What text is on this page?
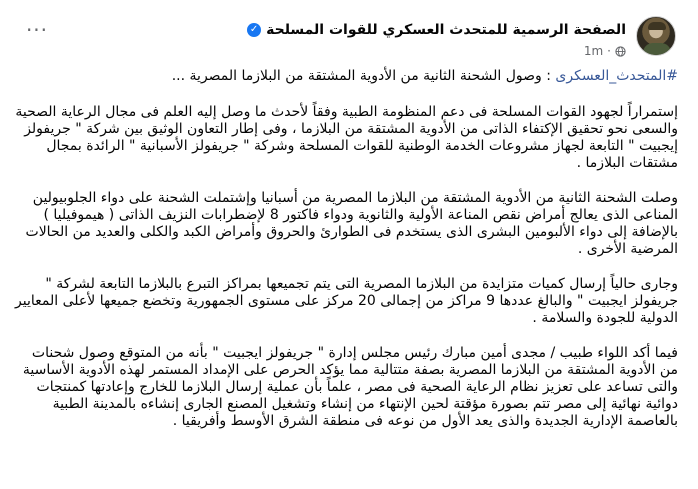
الصفحة الرسمية للمتحدث العسكري للقوات المسلحة
✓
1m ·
···

#المتحدث_العسكرى : وصول الشحنة الثانية من الأدوية المشتقة من البلازما المصرية ...

إستمراراً لجهود القوات المسلحة فى دعم المنظومة الطبية وفقاً لأحدث ما وصل إليه العلم فى مجال الرعاية الصحية والسعى نحو تحقيق الإكتفاء الذاتى من الأدوية المشتقة من البلازما ، وفى إطار التعاون الوثيق بين شركة " جريفولز إيجبيت " التابعة لجهاز مشروعات الخدمة الوطنية للقوات المسلحة وشركة " جريفولز الأسبانية " الرائدة بمجال مشتقات البلازما .

وصلت الشحنة الثانية من الأدوية المشتقة من البلازما المصرية من أسبانيا وإشتملت الشحنة على دواء الجلوبيولين المناعى الذى يعالج أمراض نقص المناعة الأولية والثانوية ودواء فاكتور 8 لإضطرابات النزيف الذاتى ( هيموفيليا ) بالإضافة إلى دواء الألبومين البشرى الذى يستخدم فى الطوارئ والحروق وأمراض الكبد والكلى والعديد من الحالات المرضية الأخرى .

وجارى حالياً إرسال كميات متزايدة من البلازما المصرية التى يتم تجميعها بمراكز التبرع بالبلازما التابعة لشركة " جريفولز ايجبيت " والبالغ عددها 9 مراكز من إجمالى 20 مركز على مستوى الجمهورية وتخضع جميعها لأعلى المعايير الدولية للجودة والسلامة .

فيما أكد اللواء طبيب / مجدى أمين مبارك رئيس مجلس إدارة " جريفولز ايجبيت " بأنه من المتوقع وصول شحنات من الأدوية المشتقة من البلازما المصرية بصفة متتالية مما يؤكد الحرص على الإمداد المستمر لهذه الأدوية الأساسية والتى تساعد على تعزيز نظام الرعاية الصحية فى مصر ، علماً بأن عملية إرسال البلازما للخارج وإعادتها كمنتجات دوائية نهائية إلى مصر تتم بصورة مؤقتة لحين الإنتهاء من إنشاء وتشغيل المصنع الجارى إنشاءه بالمدينة الطبية بالعاصمة الإدارية الجديدة والذى يعد الأول من نوعه فى منطقة الشرق الأوسط وأفريقيا .
